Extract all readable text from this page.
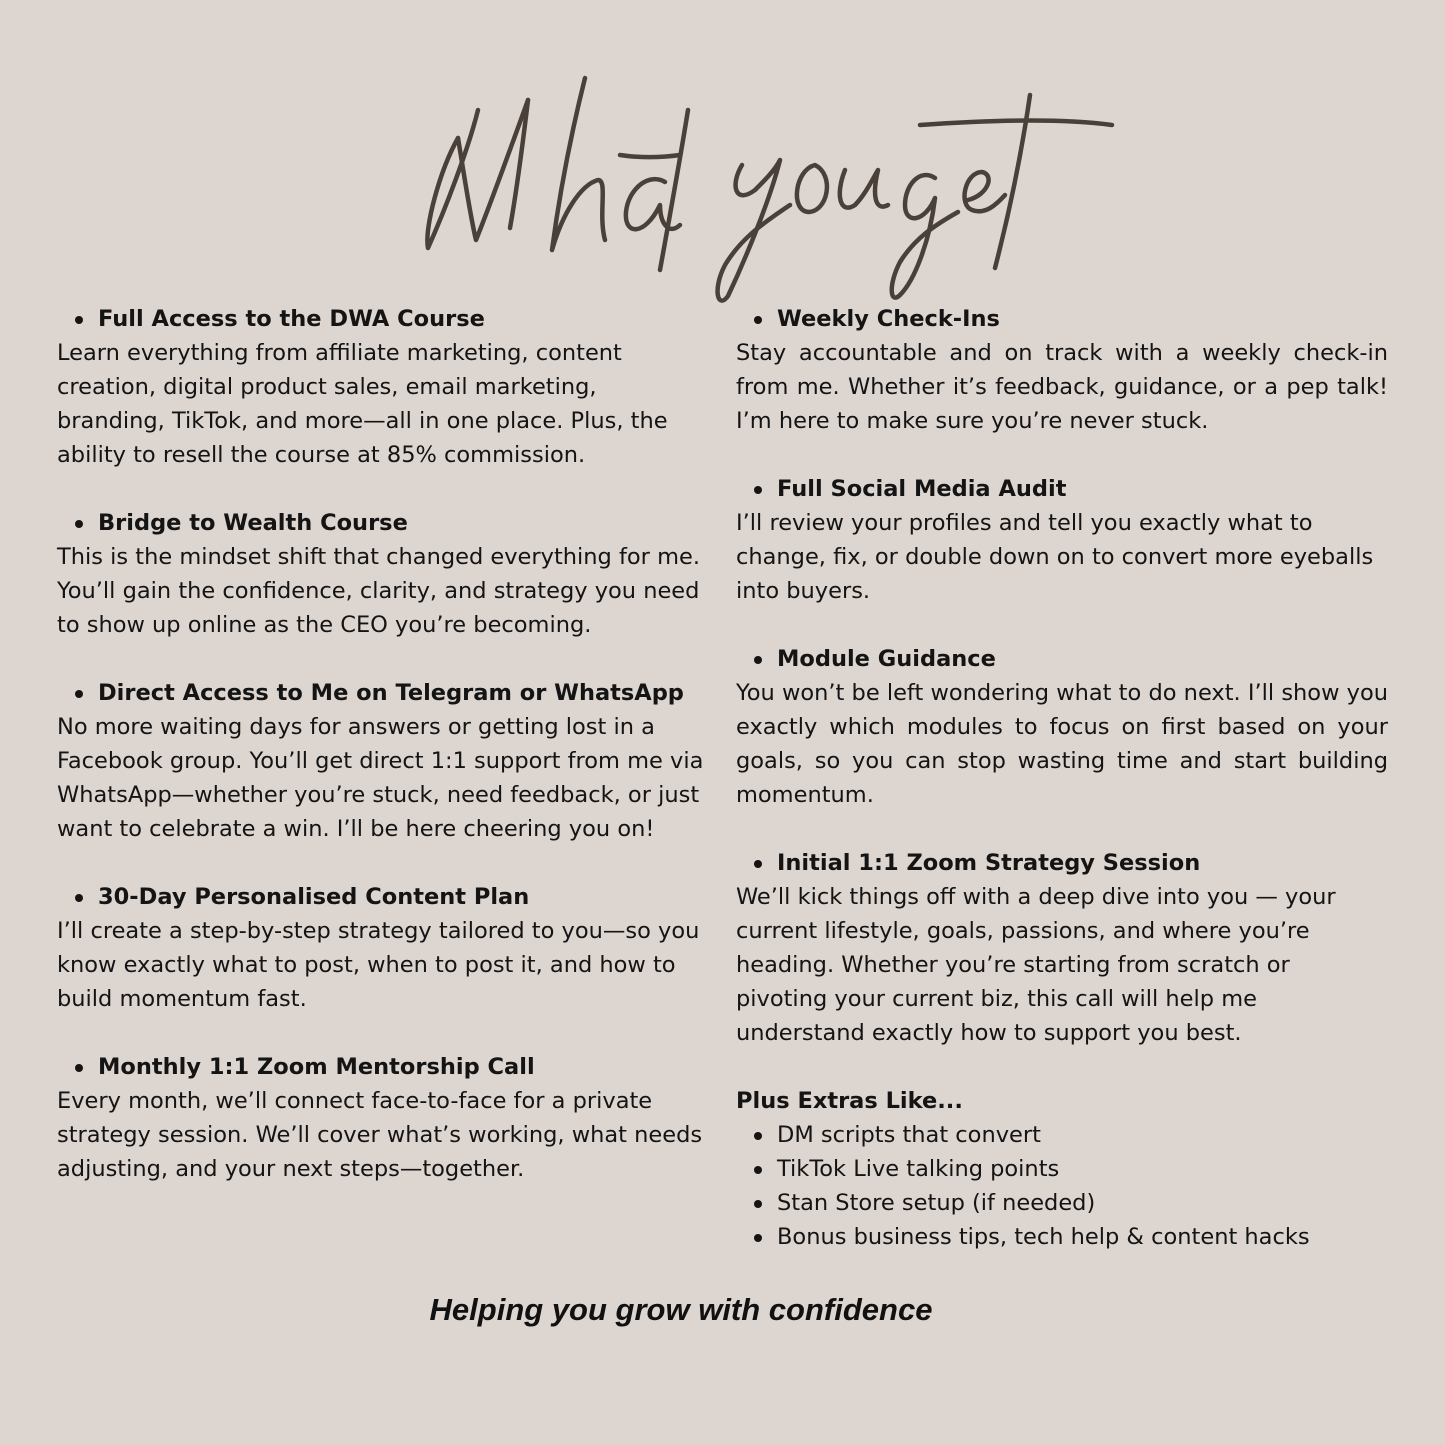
Full Access to the DWA Course

Learn everything from affiliate marketing, content creation, digital product sales, email marketing, branding, TikTok, and more—all in one place. Plus, the ability to resell the course at 85% commission.

Bridge to Wealth Course

This is the mindset shift that changed everything for me. You’ll gain the confidence, clarity, and strategy you need to show up online as the CEO you’re becoming.

Direct Access to Me on Telegram or WhatsApp

No more waiting days for answers or getting lost in a Facebook group. You’ll get direct 1:1 support from me via WhatsApp—whether you’re stuck, need feedback, or just want to celebrate a win. I’ll be here cheering you on!

30-Day Personalised Content Plan

I’ll create a step-by-step strategy tailored to you—so you know exactly what to post, when to post it, and how to build momentum fast.

Monthly 1:1 Zoom Mentorship Call

Every month, we’ll connect face-to-face for a private strategy session. We’ll cover what’s working, what needs adjusting, and your next steps—together.

Weekly Check-Ins

Stay accountable and on track with a weekly check-in from me. Whether it’s feedback, guidance, or a pep talk! I’m here to make sure you’re never stuck.

Full Social Media Audit

I’ll review your profiles and tell you exactly what to change, fix, or double down on to convert more eyeballs into buyers.

Module Guidance

You won’t be left wondering what to do next. I’ll show you exactly which modules to focus on first based on your goals, so you can stop wasting time and start building momentum.

Initial 1:1 Zoom Strategy Session

We’ll kick things off with a deep dive into you — your current lifestyle, goals, passions, and where you’re heading. Whether you’re starting from scratch or pivoting your current biz, this call will help me understand exactly how to support you best.

Plus Extras Like...
DM scripts that convert
TikTok Live talking points
Stan Store setup (if needed)
Bonus business tips, tech help & content hacks

Helping you grow with confidence
